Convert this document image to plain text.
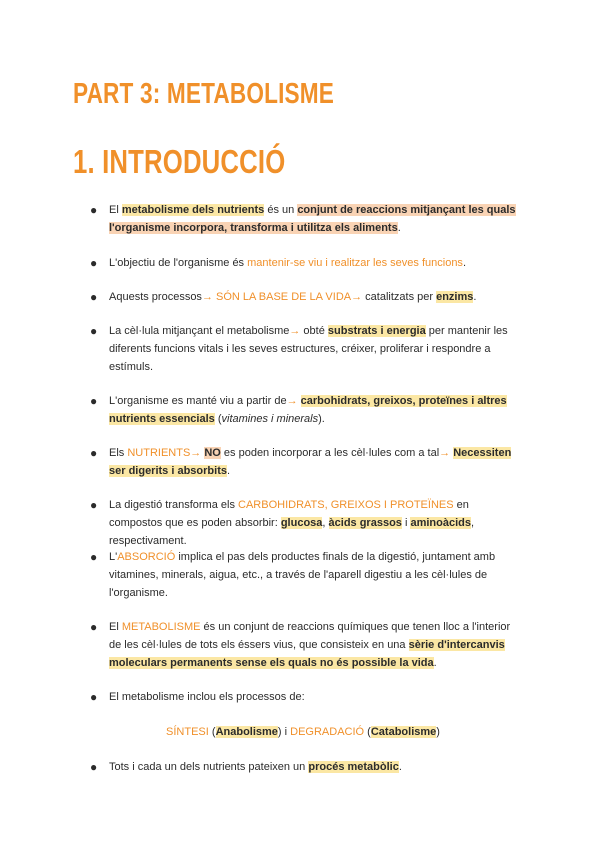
PART 3: METABOLISME
1. INTRODUCCIÓ
● El metabolisme dels nutrients és un conjunt de reaccions mitjançant les quals l'organisme incorpora, transforma i utilitza els aliments.
● L'objectiu de l'organisme és mantenir-se viu i realitzar les seves funcions.
● Aquests processos→ SÓN LA BASE DE LA VIDA→ catalitzats per enzims.
● La cèl·lula mitjançant el metabolisme→ obté substrats i energia per mantenir les diferents funcions vitals i les seves estructures, créixer, proliferar i respondre a estímuls.
● L'organisme es manté viu a partir de→ carbohidrats, greixos, proteïnes i altres nutrients essencials (vitamines i minerals).
● Els NUTRIENTS→ NO es poden incorporar a les cèl·lules com a tal→ Necessiten ser digerits i absorbits.
● La digestió transforma els CARBOHIDRATS, GREIXOS I PROTEÏNES en compostos que es poden absorbir: glucosa, àcids grassos i aminoàcids, respectivament.
● L'ABSORCIÓ implica el pas dels productes finals de la digestió, juntament amb vitamines, minerals, aigua, etc., a través de l'aparell digestiu a les cèl·lules de l'organisme.
● El METABOLISME és un conjunt de reaccions químiques que tenen lloc a l'interior de les cèl·lules de tots els éssers vius, que consisteix en una sèrie d'intercanvis moleculars permanents sense els quals no és possible la vida.
● El metabolisme inclou els processos de:
● Tots i cada un dels nutrients pateixen un procés metabòlic.
SÍNTESI (Anabolisme) i DEGRADACIÓ (Catabolisme)
